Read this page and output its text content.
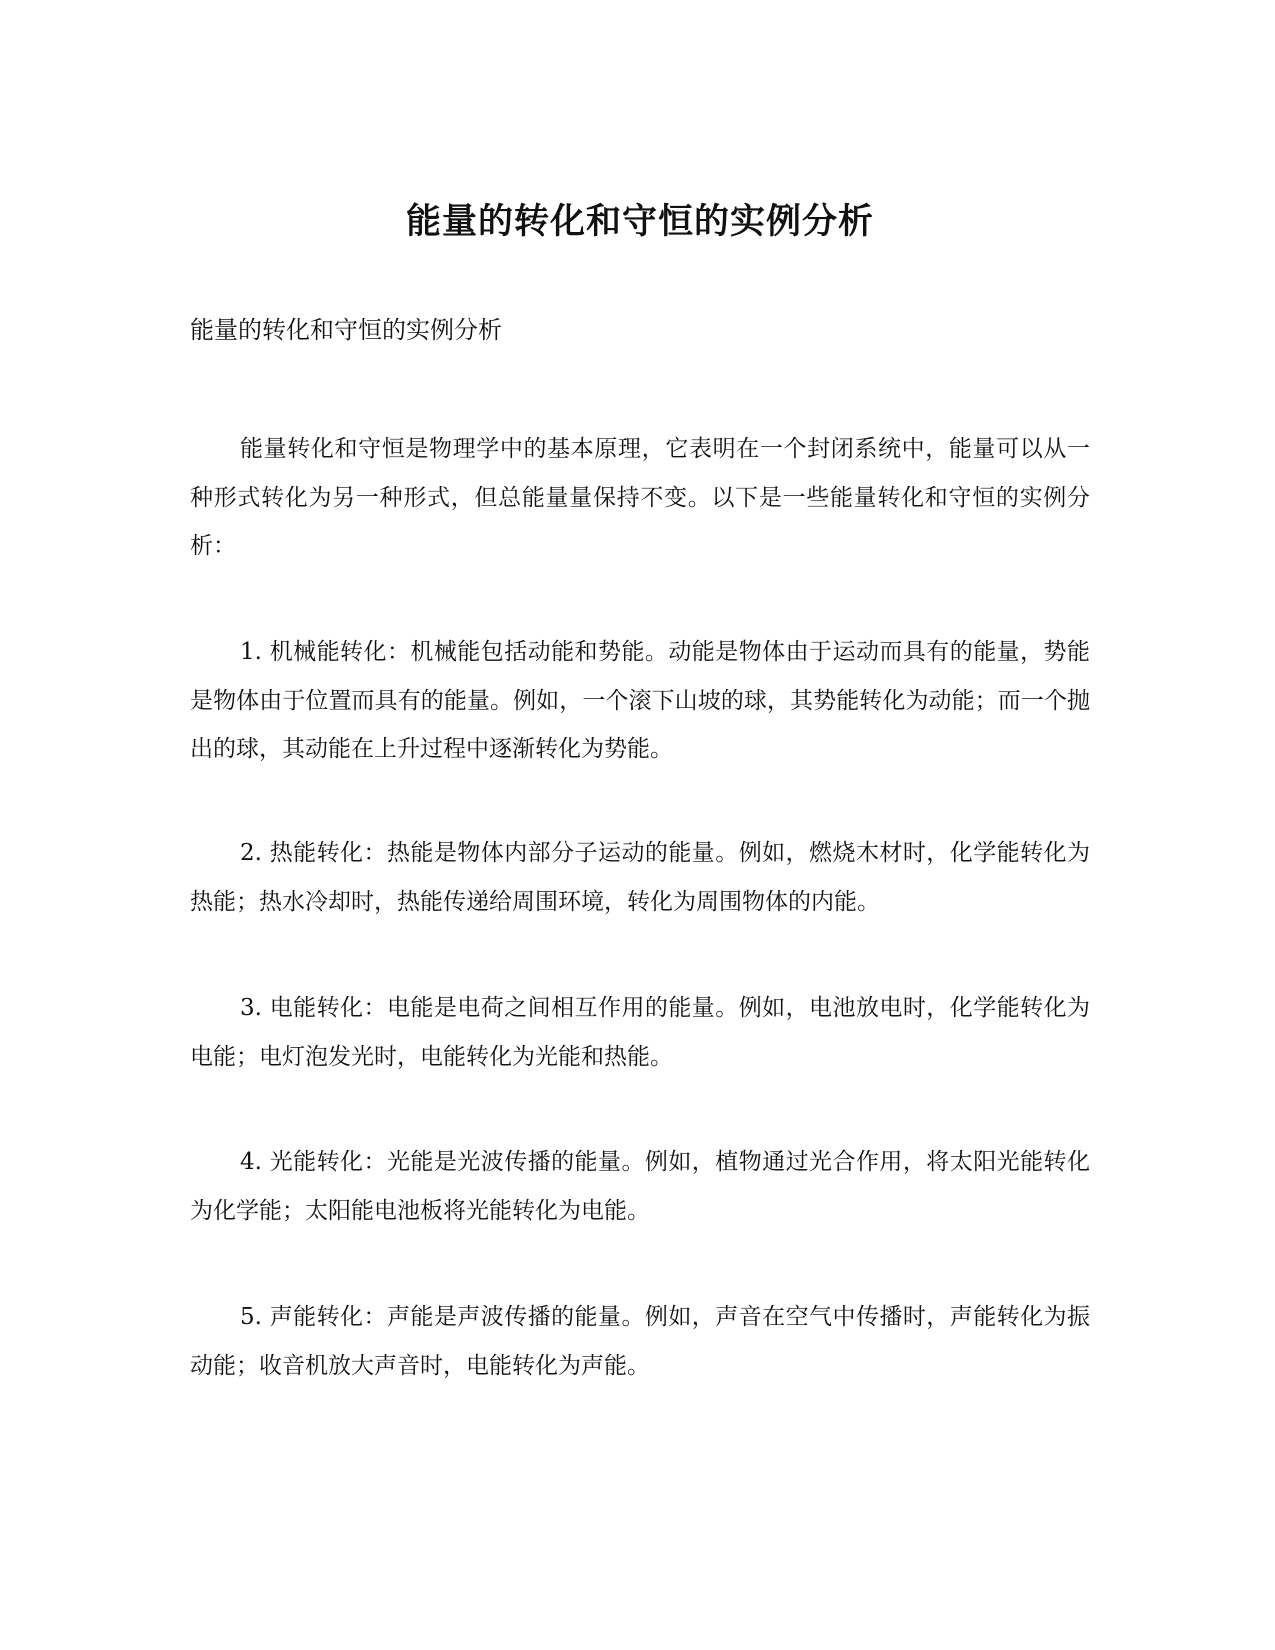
能量的转化和守恒的实例分析

能量的转化和守恒的实例分析

能量转化和守恒是物理学中的基本原理，它表明在一个封闭系统中，能量可以从一种形式转化为另一种形式，但总能量量保持不变。以下是一些能量转化和守恒的实例分析：

1. 机械能转化：机械能包括动能和势能。动能是物体由于运动而具有的能量，势能是物体由于位置而具有的能量。例如，一个滚下山坡的球，其势能转化为动能；而一个抛出的球，其动能在上升过程中逐渐转化为势能。

2. 热能转化：热能是物体内部分子运动的能量。例如，燃烧木材时，化学能转化为热能；热水冷却时，热能传递给周围环境，转化为周围物体的内能。

3. 电能转化：电能是电荷之间相互作用的能量。例如，电池放电时，化学能转化为电能；电灯泡发光时，电能转化为光能和热能。

4. 光能转化：光能是光波传播的能量。例如，植物通过光合作用，将太阳光能转化为化学能；太阳能电池板将光能转化为电能。

5. 声能转化：声能是声波传播的能量。例如，声音在空气中传播时，声能转化为振动能；收音机放大声音时，电能转化为声能。
